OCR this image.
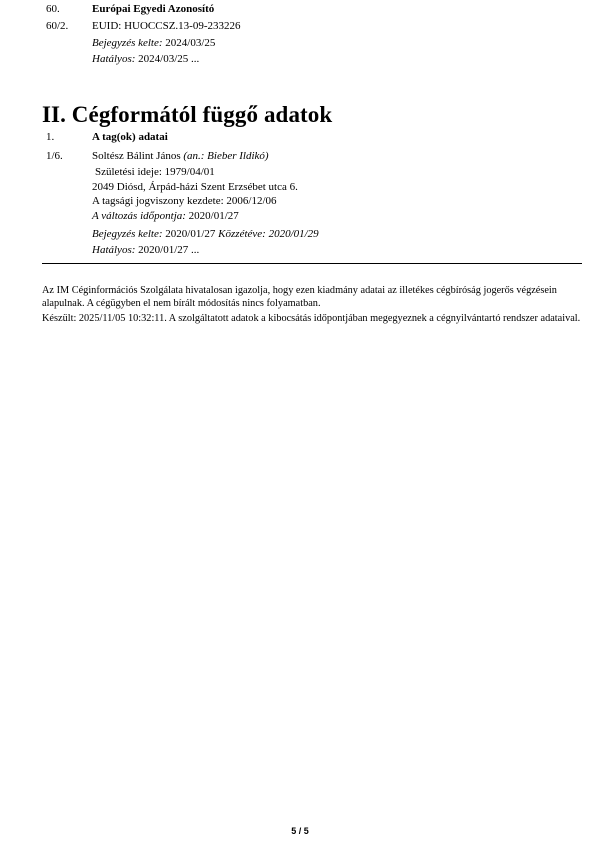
60.	Európai Egyedi Azonosító
60/2. EUID: HUOCCSZ.13-09-233226
Bejegyzés kelte: 2024/03/25
Hatályos: 2024/03/25 ...
II. Cégformától függő adatok
1.	A tag(ok) adatai
1/6.	Soltész Bálint János (an.: Bieber Ildikó)
Születési ideje: 1979/04/01
2049 Diósd, Árpád-házi Szent Erzsébet utca 6.
A tagsági jogviszony kezdete: 2006/12/06
A változás időpontja: 2020/01/27
Bejegyzés kelte: 2020/01/27 Közzétéve: 2020/01/29
Hatályos: 2020/01/27 ...
Az IM Céginformációs Szolgálata hivatalosan igazolja, hogy ezen kiadmány adatai az illetékes cégbíróság jogerős végzésein alapulnak. A cégügyben el nem bírált módosítás nincs folyamatban.
Készült: 2025/11/05 10:32:11. A szolgáltatott adatok a kibocsátás időpontjában megegyeznek a cégnyilvántartó rendszer adataival.
5 / 5
